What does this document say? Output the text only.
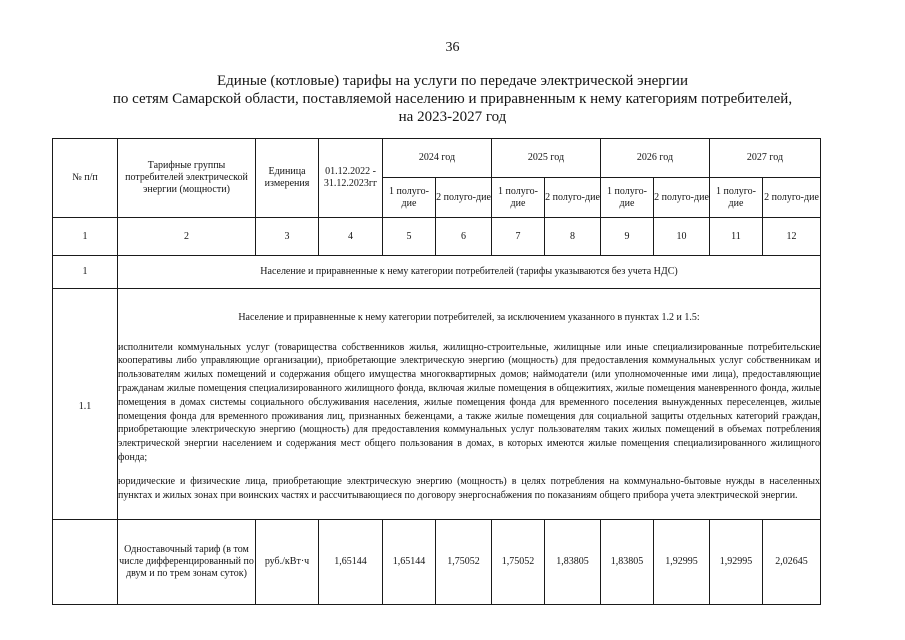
36
Единые (котловые) тарифы на услуги по передаче электрической энергии
по сетям Самарской области, поставляемой населению и приравненным к нему категориям потребителей,
на 2023-2027 год
№ п/п	Тарифные группы потребителей электрической энергии (мощности)	Единица измерения	01.12.2022 - 31.12.2023гг	2024 год		2025 год		2026 год		2027 год	
				1 полуго-дие	2 полуго-дие	1 полуго-дие	2 полуго-дие	1 полуго-дие	2 полуго-дие	1 полуго-дие	2 полуго-дие
1	2	3	4	5	6	7	8	9	10	11	12
1	Население и приравненные к нему категории потребителей (тарифы указываются без учета НДС)										
1.1	Население и приравненные к нему категории потребителей, за исключением указанного в пунктах 1.2 и 1.5:
исполнители коммунальных услуг (товарищества собственников жилья, жилищно-строительные, жилищные или иные специализированные потребительские кооперативы либо управляющие организации), приобретающие электрическую энергию (мощность) для предоставления коммунальных услуг собственникам и пользователям жилых помещений и содержания общего имущества многоквартирных домов; наймодатели (или уполномоченные ими лица), предоставляющие гражданам жилые помещения специализированного жилищного фонда, включая жилые помещения в общежитиях, жилые помещения маневренного фонда, жилые помещения в домах системы социального обслуживания населения, жилые помещения фонда для временного поселения вынужденных переселенцев, жилые помещения фонда для временного проживания лиц, признанных беженцами, а также жилые помещения для социальной защиты отдельных категорий граждан, приобретающие электрическую энергию (мощность) для предоставления коммунальных услуг пользователям таких жилых помещений в объемах потребления электрической энергии населением и содержания мест общего пользования в домах, в которых имеются жилые помещения специализированного жилищного фонда;
юридические и физические лица, приобретающие электрическую энергию (мощность) в целях потребления на коммунально-бытовые нужды в населенных пунктах и жилых зонах при воинских частях и рассчитывающиеся по договору энергоснабжения по показаниям общего прибора учета электрической энергии.										

	Одноставочный тариф (в том числе дифференцированный по двум и по трем зонам суток)	руб./кВт·ч	1,65144	1,65144	1,75052	1,75052	1,83805	1,83805	1,92995	1,92995	2,02645
